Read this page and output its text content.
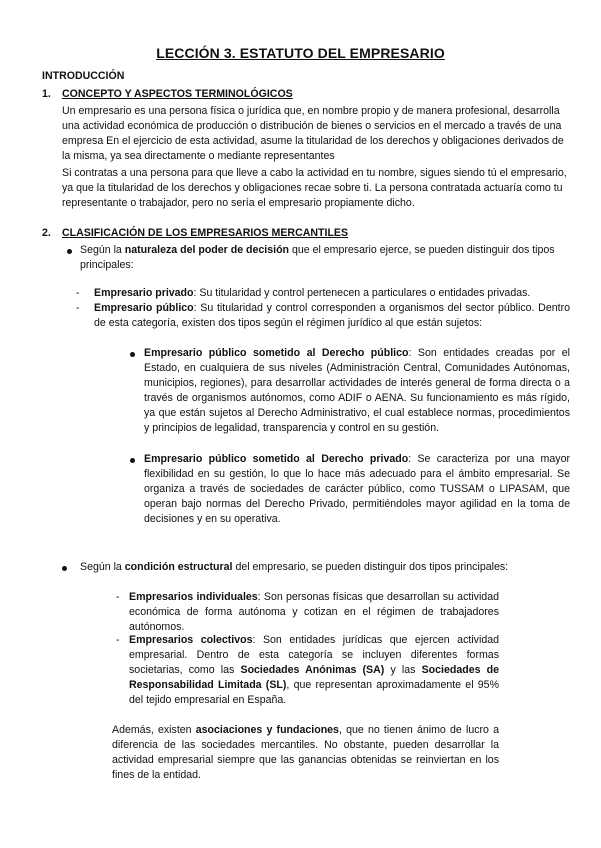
LECCIÓN 3. ESTATUTO DEL EMPRESARIO
INTRODUCCIÓN
1. CONCEPTO Y ASPECTOS TERMINOLÓGICOS

Un empresario es una persona física o jurídica que, en nombre propio y de manera profesional, desarrolla una actividad económica de producción o distribución de bienes o servicios en el mercado a través de una empresa En el ejercicio de esta actividad, asume la titularidad de los derechos y obligaciones derivados de la misma, ya sea directamente o mediante representantes

Si contratas a una persona para que lleve a cabo la actividad en tu nombre, sigues siendo tú el empresario, ya que la titularidad de los derechos y obligaciones recae sobre ti. La persona contratada actuaría como tu representante o trabajador, pero no sería el empresario propiamente dicho.

2. CLASIFICACIÓN DE LOS EMPRESARIOS MERCANTILES

Según la naturaleza del poder de decisión que el empresario ejerce, se pueden distinguir dos tipos principales:

- Empresario privado: Su titularidad y control pertenecen a particulares o entidades privadas.

- Empresario público: Su titularidad y control corresponden a organismos del sector público. Dentro de esta categoría, existen dos tipos según el régimen jurídico al que están sujetos:

Empresario público sometido al Derecho público: Son entidades creadas por el Estado, en cualquiera de sus niveles (Administración Central, Comunidades Autónomas, municipios, regiones), para desarrollar actividades de interés general de forma directa o a través de organismos autónomos, como ADIF o AENA. Su funcionamiento es más rígido, ya que están sujetos al Derecho Administrativo, el cual establece normas, procedimientos y principios de legalidad, transparencia y control en su gestión.

Empresario público sometido al Derecho privado: Se caracteriza por una mayor flexibilidad en su gestión, lo que lo hace más adecuado para el ámbito empresarial. Se organiza a través de sociedades de carácter público, como TUSSAM o LIPASAM, que operan bajo normas del Derecho Privado, permitiéndoles mayor agilidad en la toma de decisiones y en su operativa.

Según la condición estructural del empresario, se pueden distinguir dos tipos principales:

- Empresarios individuales: Son personas físicas que desarrollan su actividad económica de forma autónoma y cotizan en el régimen de trabajadores autónomos.

- Empresarios colectivos: Son entidades jurídicas que ejercen actividad empresarial. Dentro de esta categoría se incluyen diferentes formas societarias, como las Sociedades Anónimas (SA) y las Sociedades de Responsabilidad Limitada (SL), que representan aproximadamente el 95% del tejido empresarial en España.

Además, existen asociaciones y fundaciones, que no tienen ánimo de lucro a diferencia de las sociedades mercantiles. No obstante, pueden desarrollar la actividad empresarial siempre que las ganancias obtenidas se reinviertan en los fines de la entidad.
